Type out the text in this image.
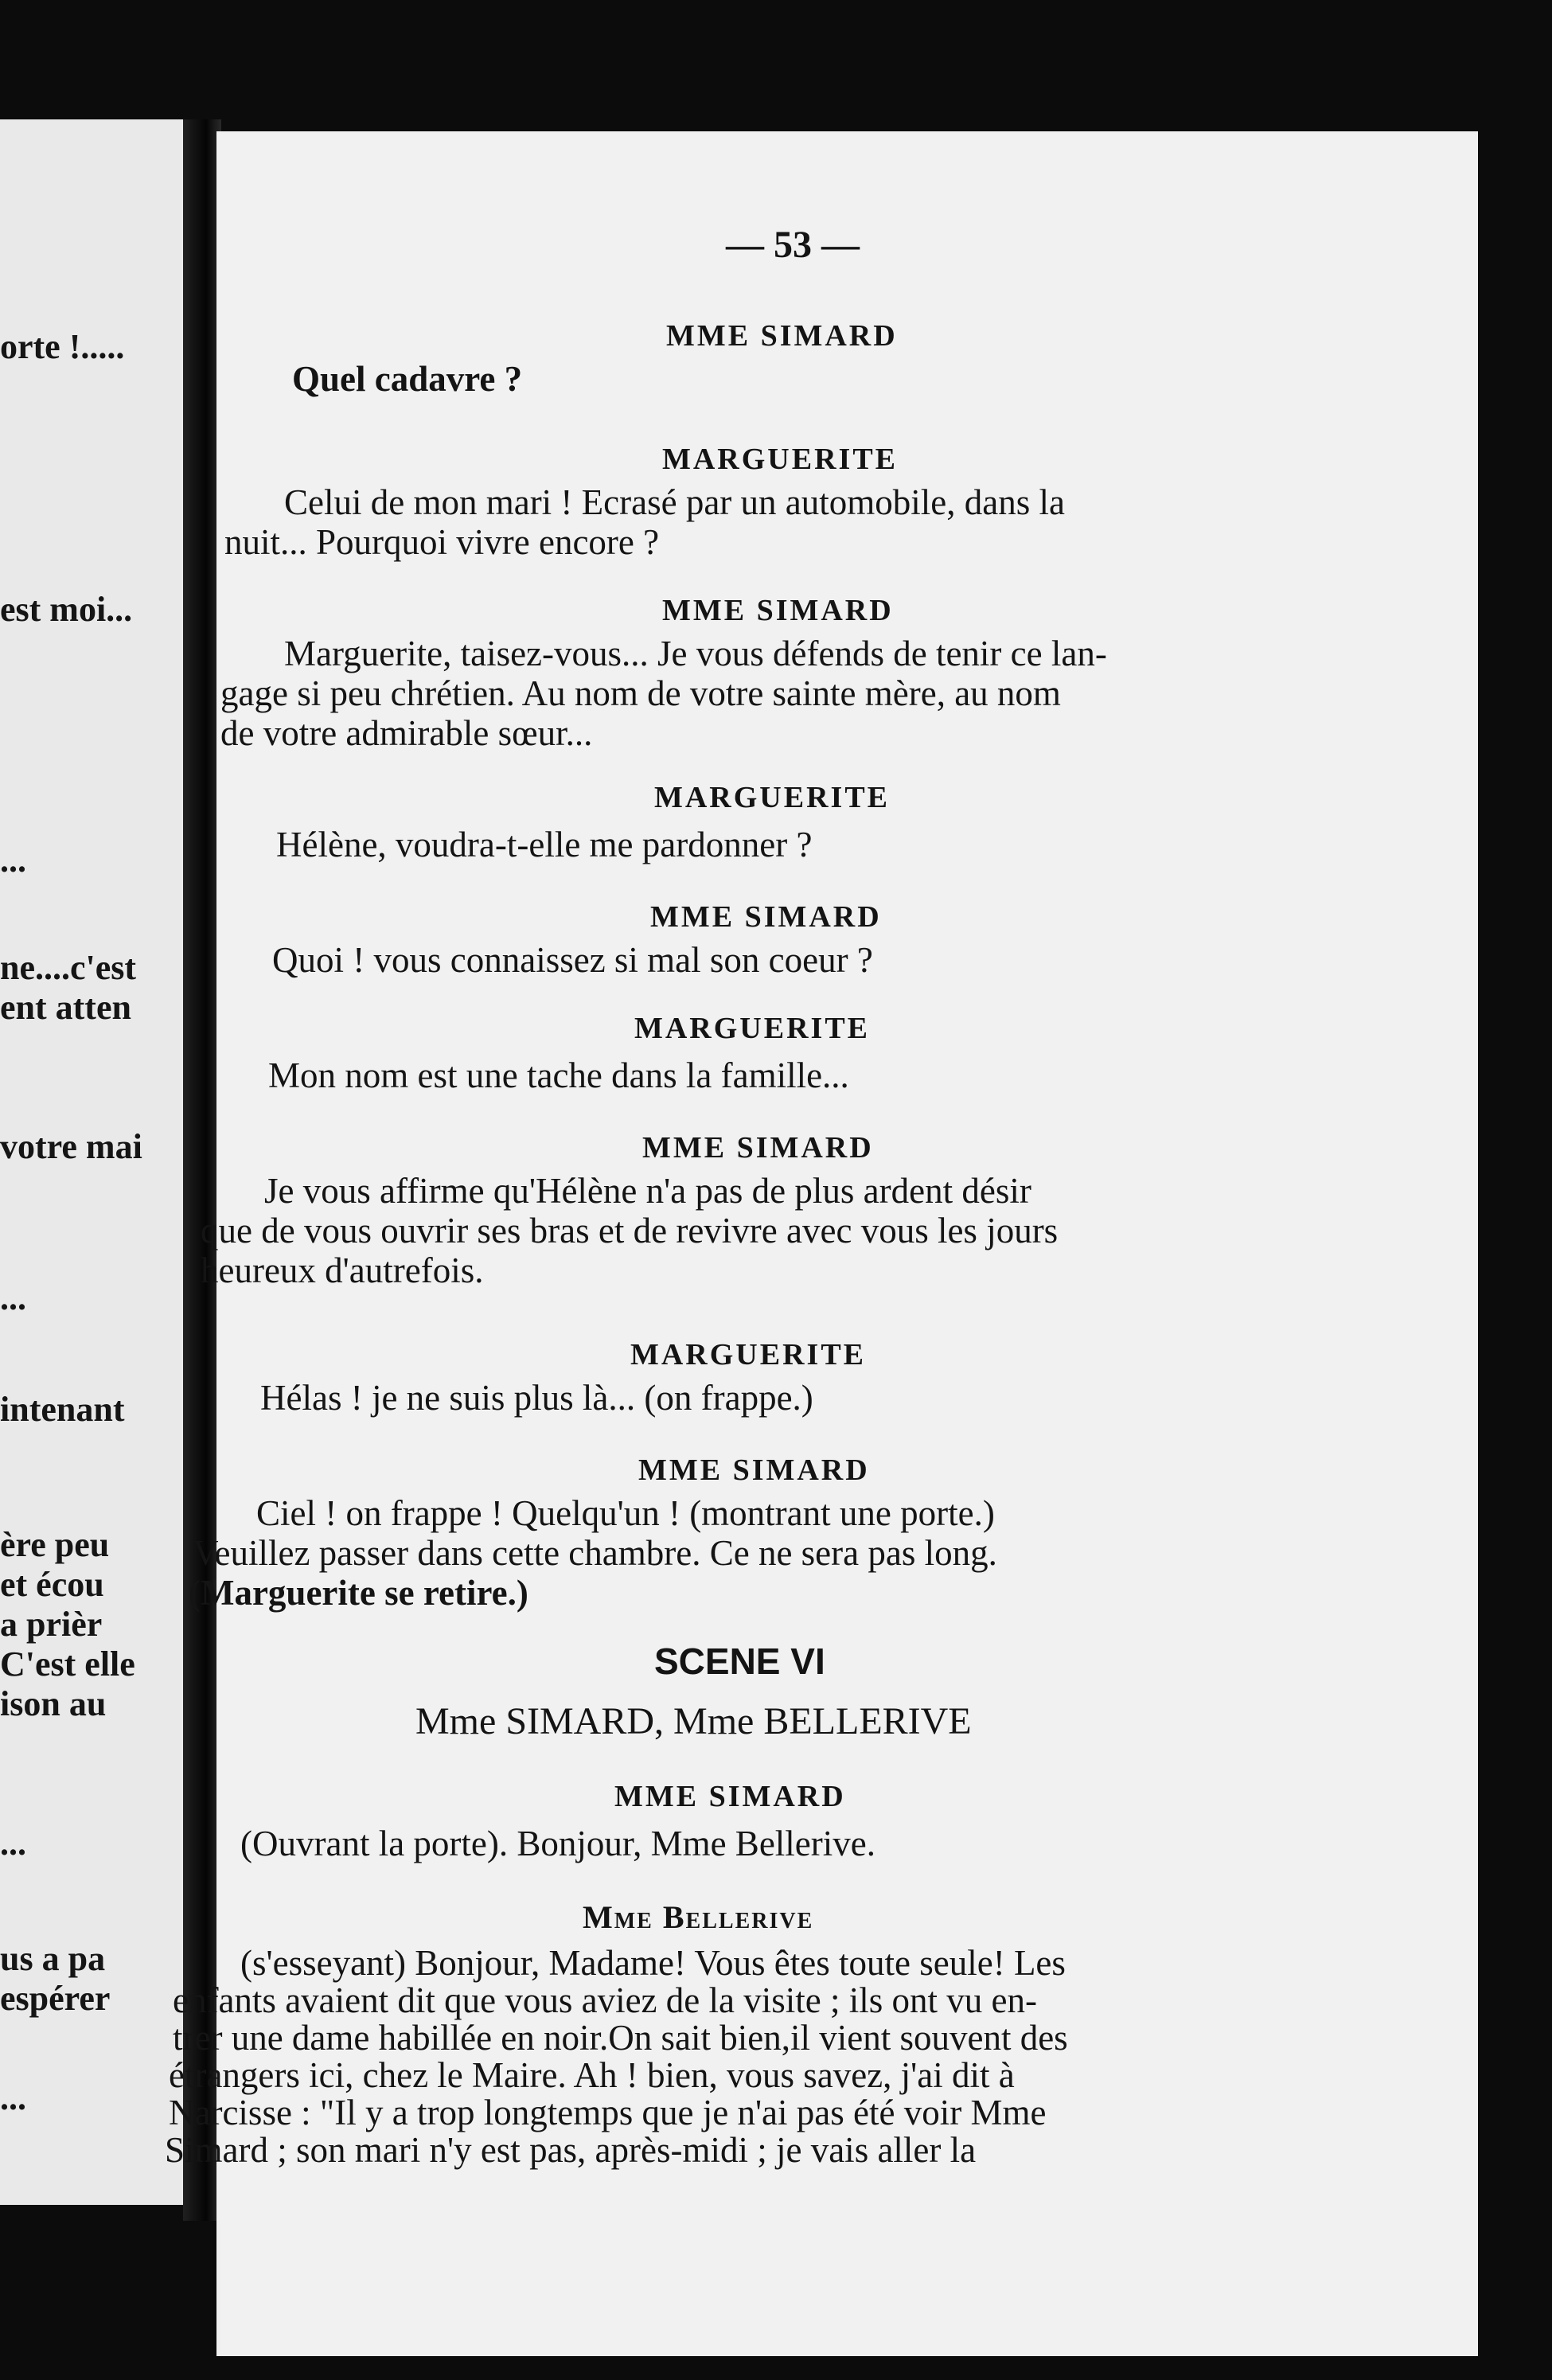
orte !.....
est moi...
...
ne....c'est
ent atten
votre mai
...
intenant
ère peu
et écou
a prièr
C'est elle
ison au
...
us a pa
espérer
...
— 53 —
MME SIMARD
Quel cadavre ?
MARGUERITE
Celui de mon mari ! Ecrasé par un automobile, dans la
nuit... Pourquoi vivre encore ?
MME SIMARD
Marguerite, taisez-vous... Je vous défends de tenir ce lan-
gage si peu chrétien. Au nom de votre sainte mère, au nom
de votre admirable sœur...
MARGUERITE
Hélène, voudra-t-elle me pardonner ?
MME SIMARD
Quoi ! vous connaissez si mal son coeur ?
MARGUERITE
Mon nom est une tache dans la famille...
MME SIMARD
Je vous affirme qu'Hélène n'a pas de plus ardent désir
que de vous ouvrir ses bras et de revivre avec vous les jours
heureux d'autrefois.
MARGUERITE
Hélas ! je ne suis plus là... (on frappe.)
MME SIMARD
Ciel ! on frappe ! Quelqu'un ! (montrant une porte.)
Veuillez passer dans cette chambre. Ce ne sera pas long.
(Marguerite se retire.)
SCENE VI
Mme SIMARD, Mme BELLERIVE
MME SIMARD
(Ouvrant la porte). Bonjour, Mme Bellerive.
Mme Bellerive
(s'esseyant) Bonjour, Madame! Vous êtes toute seule! Les
enfants avaient dit que vous aviez de la visite ; ils ont vu en-
trer une dame habillée en noir.On sait bien,il vient souvent des
étrangers ici, chez le Maire. Ah ! bien, vous savez, j'ai dit à
Narcisse : "Il y a trop longtemps que je n'ai pas été voir Mme
Simard ; son mari n'y est pas, après-midi ; je vais aller la
